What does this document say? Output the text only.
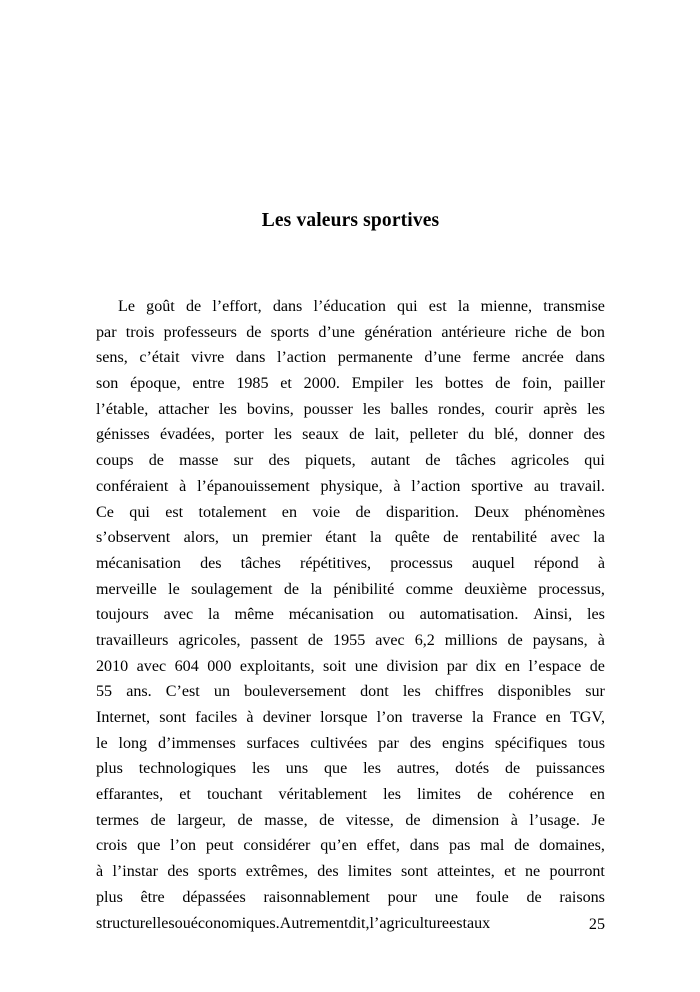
Les valeurs sportives
Le goût de l’effort, dans l’éducation qui est la mienne, transmise
par trois professeurs de sports d’une génération antérieure riche de bon
sens, c’était vivre dans l’action permanente d’une ferme ancrée dans
son époque, entre 1985 et 2000. Empiler les bottes de foin, pailler
l’étable, attacher les bovins, pousser les balles rondes, courir après les
génisses évadées, porter les seaux de lait, pelleter du blé, donner des
coups de masse sur des piquets, autant de tâches agricoles qui
conféraient à l’épanouissement physique, à l’action sportive au travail.
Ce qui est totalement en voie de disparition. Deux phénomènes
s’observent alors, un premier étant la quête de rentabilité avec la
mécanisation des tâches répétitives, processus auquel répond à
merveille le soulagement de la pénibilité comme deuxième processus,
toujours avec la même mécanisation ou automatisation. Ainsi, les
travailleurs agricoles, passent de 1955 avec 6,2 millions de paysans, à
2010 avec 604 000 exploitants, soit une division par dix en l’espace de
55 ans. C’est un bouleversement dont les chiffres disponibles sur
Internet, sont faciles à deviner lorsque l’on traverse la France en TGV,
le long d’immenses surfaces cultivées par des engins spécifiques tous
plus technologiques les uns que les autres, dotés de puissances
effarantes, et touchant véritablement les limites de cohérence en
termes de largeur, de masse, de vitesse, de dimension à l’usage. Je
crois que l’on peut considérer qu’en effet, dans pas mal de domaines,
à l’instar des sports extrêmes, des limites sont atteintes, et ne pourront
plus être dépassées raisonnablement pour une foule de raisons
structurelles ou économiques. Autrement dit, l’agriculture est aux	25
